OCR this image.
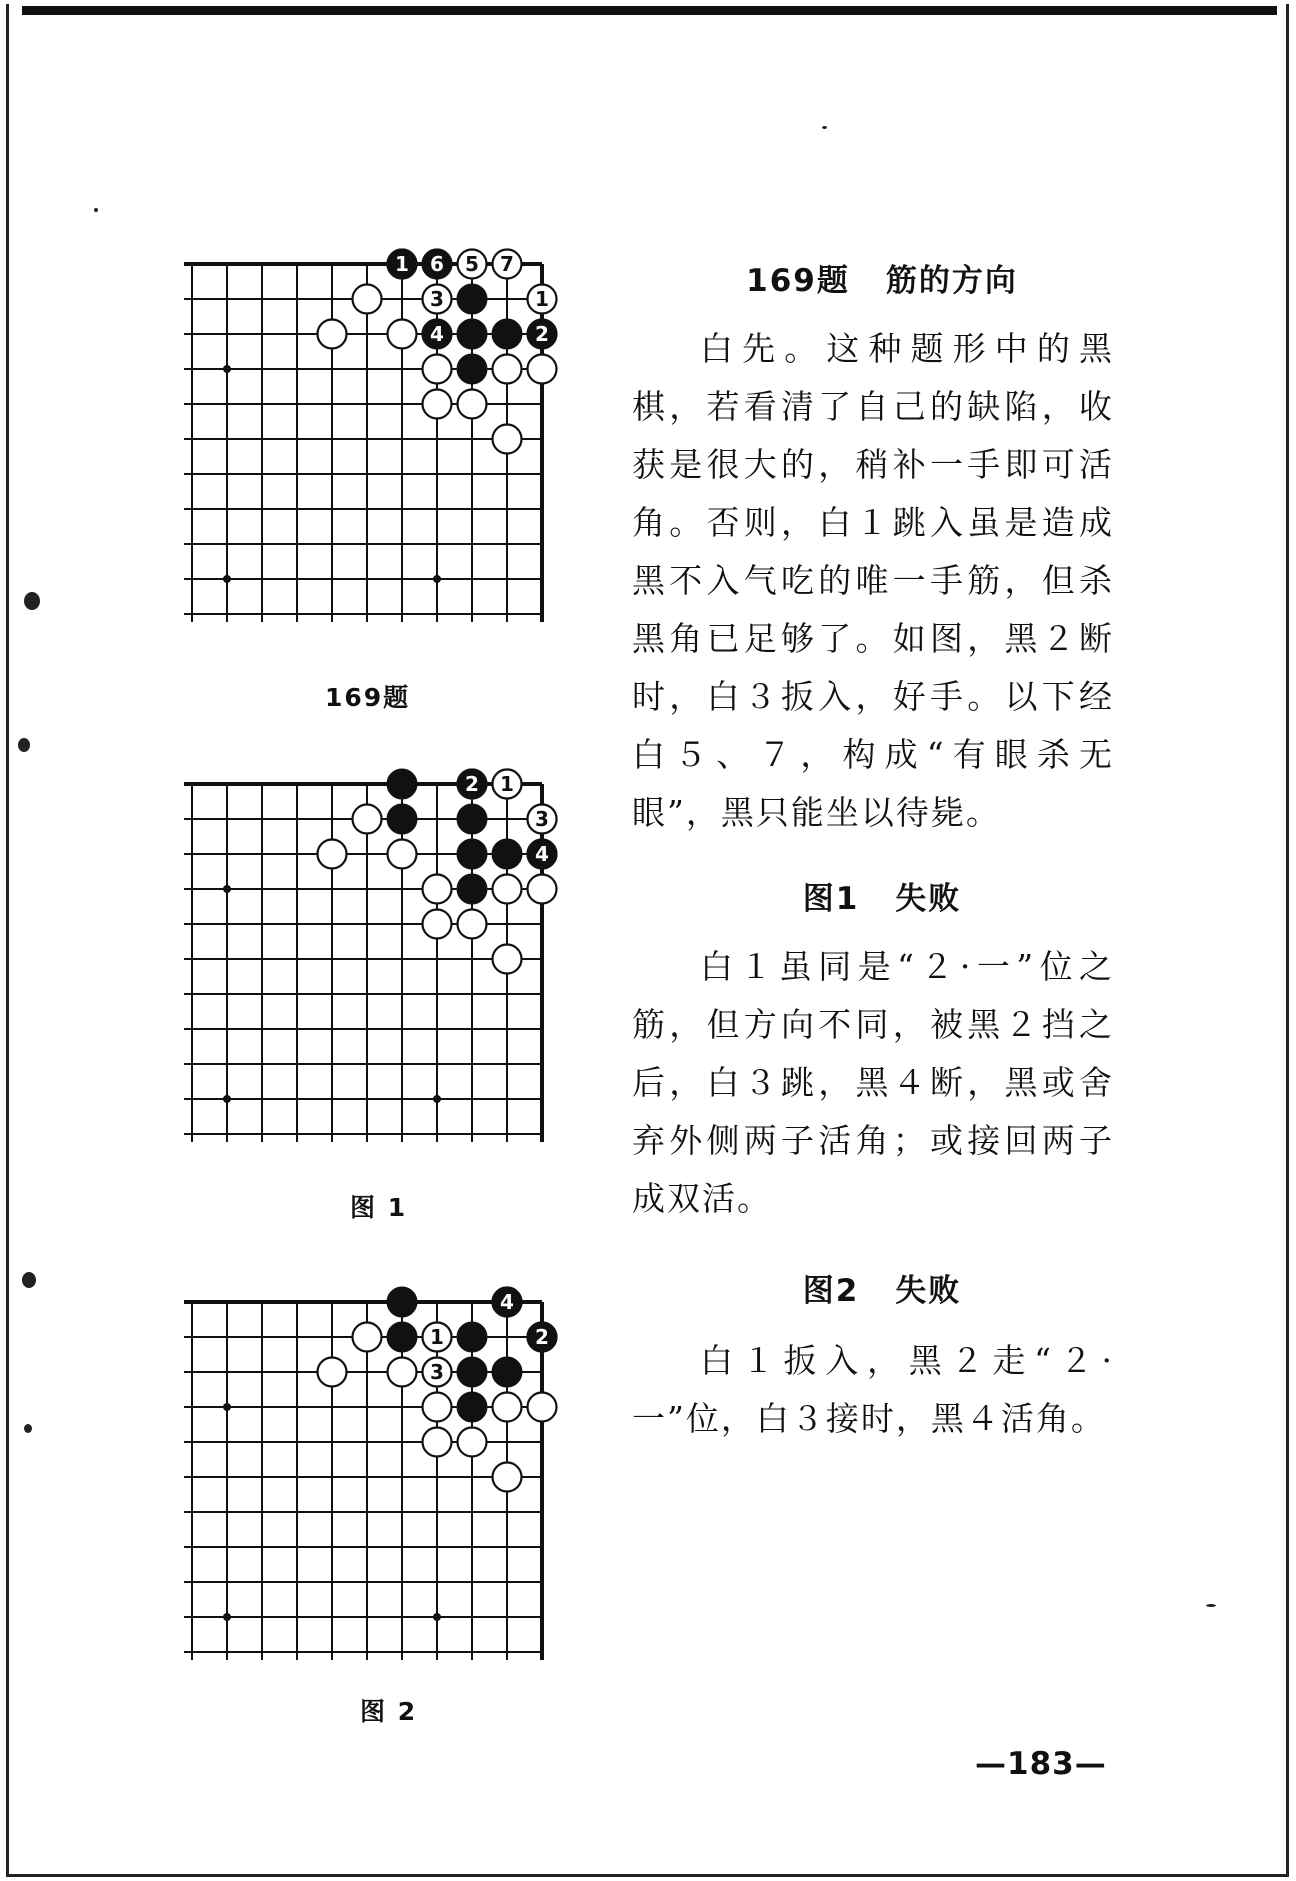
1 6 5 7
1
3
4	2
169题
2 1
3
4
图 1
4
2
1
3
图 2
169题 筋的方向

白先。这种题形中的黑棋，若看清了自己的缺陷，收获是很大的，稍补一手即可活角。否则，白１跳入虽是造成黑不入气吃的唯一手筋，但杀黑角已足够了。如图，黑２断时，白３扳入，好手。以下经白５、７，构成“有眼杀无眼”，黑只能坐以待毙。

图1 失败

白１虽同是“２·一”位之筋，但方向不同，被黑２挡之后，白３跳，黑４断，黑或舍弃外侧两子活角；或接回两子成双活。

图2 失败

白１扳入，黑２走“２·一”位，白３接时，黑４活角。

—183—
